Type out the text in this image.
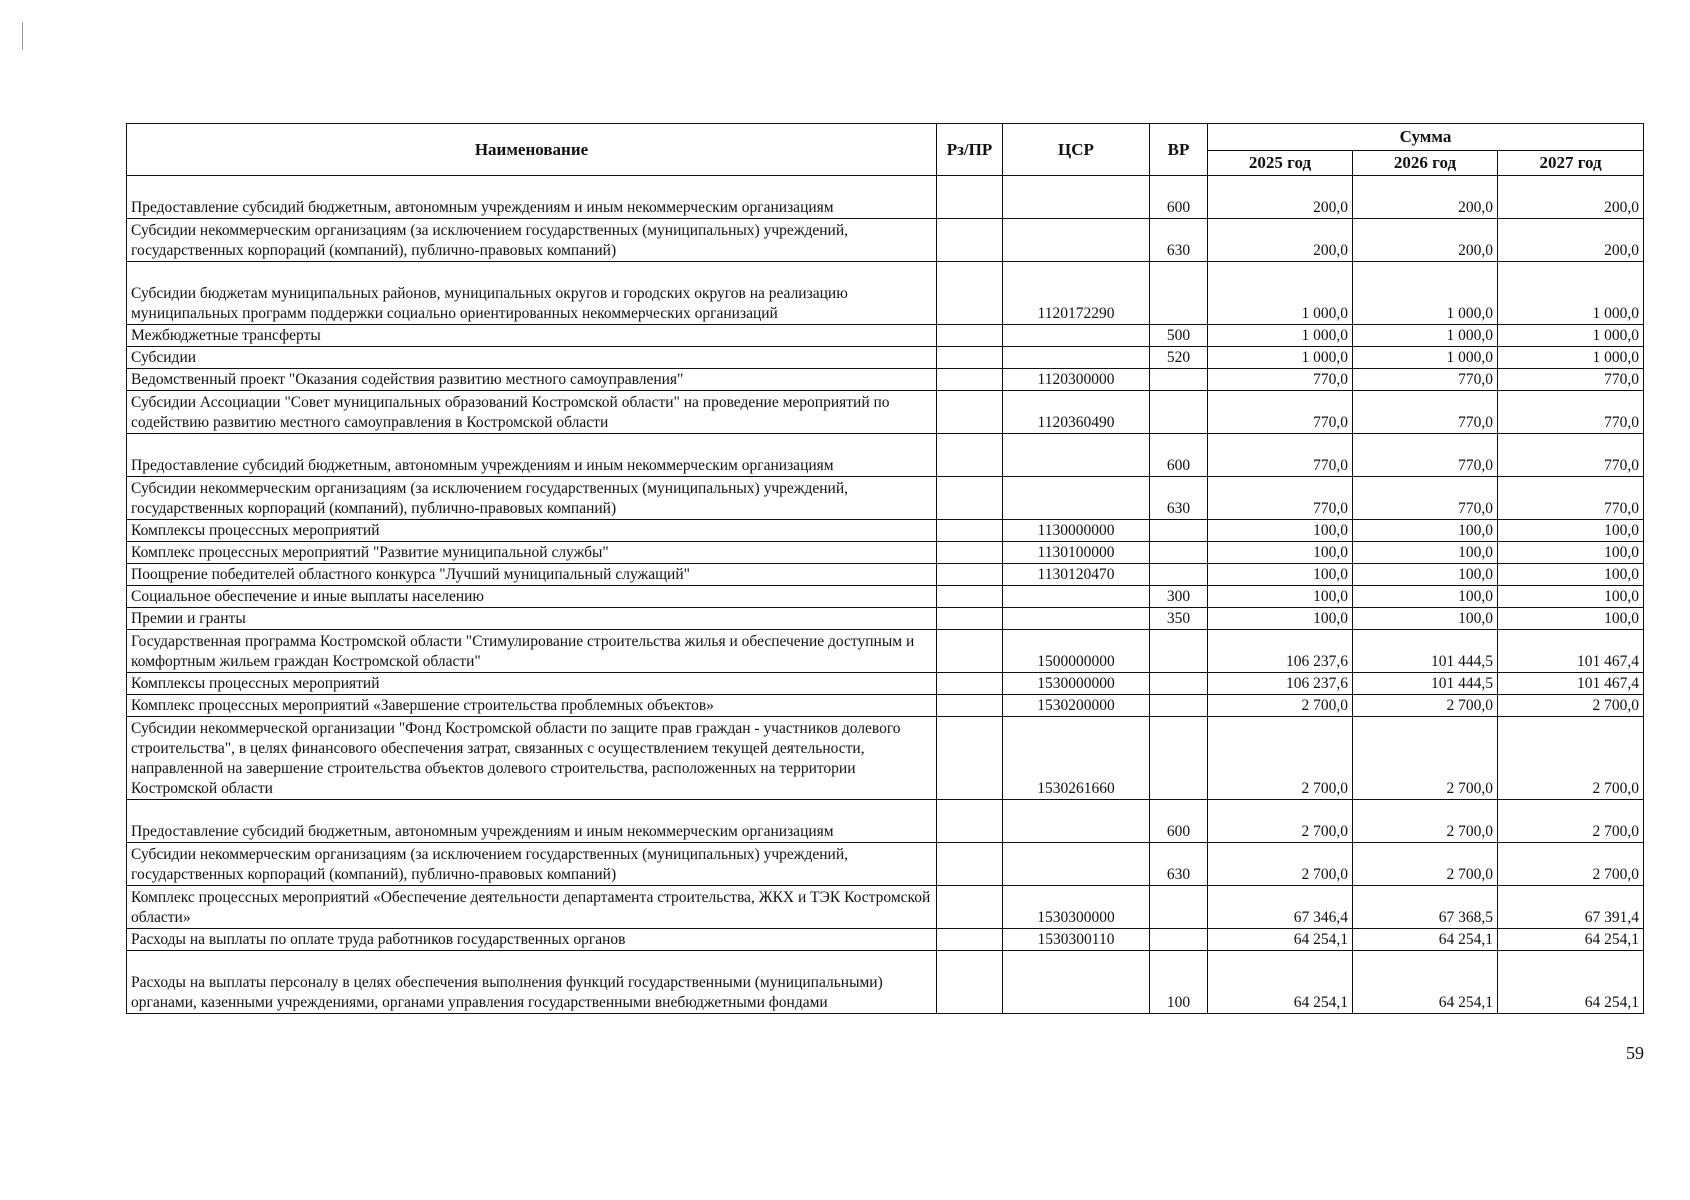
Наименование	Рз/ПР	ЦСР	ВР	Сумма		
				2025 год	2026 год	2027 год
Предоставление субсидий бюджетным, автономным учреждениям и иным некоммерческим организациям			600	200,0	200,0	200,0
Субсидии некоммерческим организациям (за исключением государственных (муниципальных) учреждений, государственных корпораций (компаний), публично-правовых компаний)			630	200,0	200,0	200,0
Субсидии бюджетам муниципальных районов, муниципальных округов и городских округов на реализацию муниципальных программ поддержки социально ориентированных некоммерческих организаций		1120172290		1 000,0	1 000,0	1 000,0
Межбюджетные трансферты			500	1 000,0	1 000,0	1 000,0
Субсидии			520	1 000,0	1 000,0	1 000,0
Ведомственный проект "Оказания содействия развитию местного самоуправления"		1120300000		770,0	770,0	770,0
Субсидии Ассоциации "Совет муниципальных образований Костромской области" на проведение мероприятий по содействию развитию местного самоуправления в Костромской области		1120360490		770,0	770,0	770,0
Предоставление субсидий бюджетным, автономным учреждениям и иным некоммерческим организациям			600	770,0	770,0	770,0
Субсидии некоммерческим организациям (за исключением государственных (муниципальных) учреждений, государственных корпораций (компаний), публично-правовых компаний)			630	770,0	770,0	770,0
Комплексы процессных мероприятий		1130000000		100,0	100,0	100,0
Комплекс процессных мероприятий "Развитие муниципальной службы"		1130100000		100,0	100,0	100,0
Поощрение победителей областного конкурса "Лучший муниципальный служащий"		1130120470		100,0	100,0	100,0
Социальное обеспечение и иные выплаты населению			300	100,0	100,0	100,0
Премии и гранты			350	100,0	100,0	100,0
Государственная программа Костромской области "Стимулирование строительства жилья и обеспечение доступным и комфортным жильем граждан Костромской области"		1500000000		106 237,6	101 444,5	101 467,4
Комплексы процессных мероприятий		1530000000		106 237,6	101 444,5	101 467,4
Комплекс процессных мероприятий «Завершение строительства проблемных объектов»		1530200000		2 700,0	2 700,0	2 700,0
Субсидии некоммерческой организации "Фонд Костромской области по защите прав граждан - участников долевого строительства", в целях финансового обеспечения затрат, связанных с осуществлением текущей деятельности, направленной на завершение строительства объектов долевого строительства, расположенных на территории Костромской области		1530261660		2 700,0	2 700,0	2 700,0
Предоставление субсидий бюджетным, автономным учреждениям и иным некоммерческим организациям			600	2 700,0	2 700,0	2 700,0
Субсидии некоммерческим организациям (за исключением государственных (муниципальных) учреждений, государственных корпораций (компаний), публично-правовых компаний)			630	2 700,0	2 700,0	2 700,0
Комплекс процессных мероприятий «Обеспечение деятельности департамента строительства, ЖКХ и ТЭК Костромской области»		1530300000		67 346,4	67 368,5	67 391,4
Расходы на выплаты по оплате труда работников государственных органов		1530300110		64 254,1	64 254,1	64 254,1
Расходы на выплаты персоналу в целях обеспечения выполнения функций государственными (муниципальными) органами, казенными учреждениями, органами управления государственными внебюджетными фондами			100	64 254,1	64 254,1	64 254,1
59
